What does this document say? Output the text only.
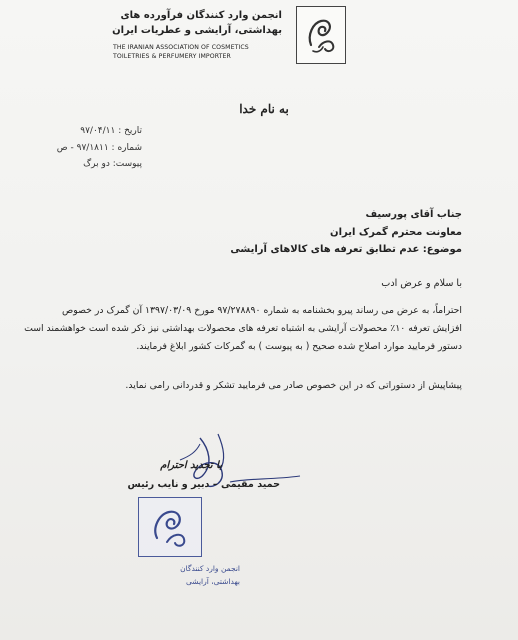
انجمن وارد کنندگان فرآورده های
بهداشتی، آرایشی و عطریات ایران
THE IRANIAN ASSOCIATION OF COSMETICS
TOILETRIES & PERFUMERY IMPORTER
به نام خدا
تاریخ : ۹۷/۰۴/۱۱
شماره : ۹۷/۱۸۱۱ - ص
پیوست: دو برگ
جناب آقای پورسیف
معاونت محترم گمرک ایران
موضوع: عدم تطابق تعرفه های کالاهای آرایشی
با سلام و عرض ادب
احتراماً، به عرض می رساند پیرو بخشنامه به شماره ۹۷/۲۷۸۸۹۰ مورخ ۱۳۹۷/۰۳/۰۹ آن گمرک در خصوص
افزایش تعرفه ۱۰٪ محصولات آرایشی به اشتباه تعرفه های محصولات بهداشتی نیز ذکر شده است خواهشمند است
دستور فرمایید موارد اصلاح شده صحیح ( به پیوست ) به گمرکات کشور ابلاغ فرمایند.
پیشاپیش از دستوراتی که در این خصوص صادر می فرمایید تشکر و قدردانی رامی نماید.
با تجدید احترام
حمید مقیمی – دبیر و نایب رئیس
انجمن وارد کنندگان
بهداشتی، آرایشی
